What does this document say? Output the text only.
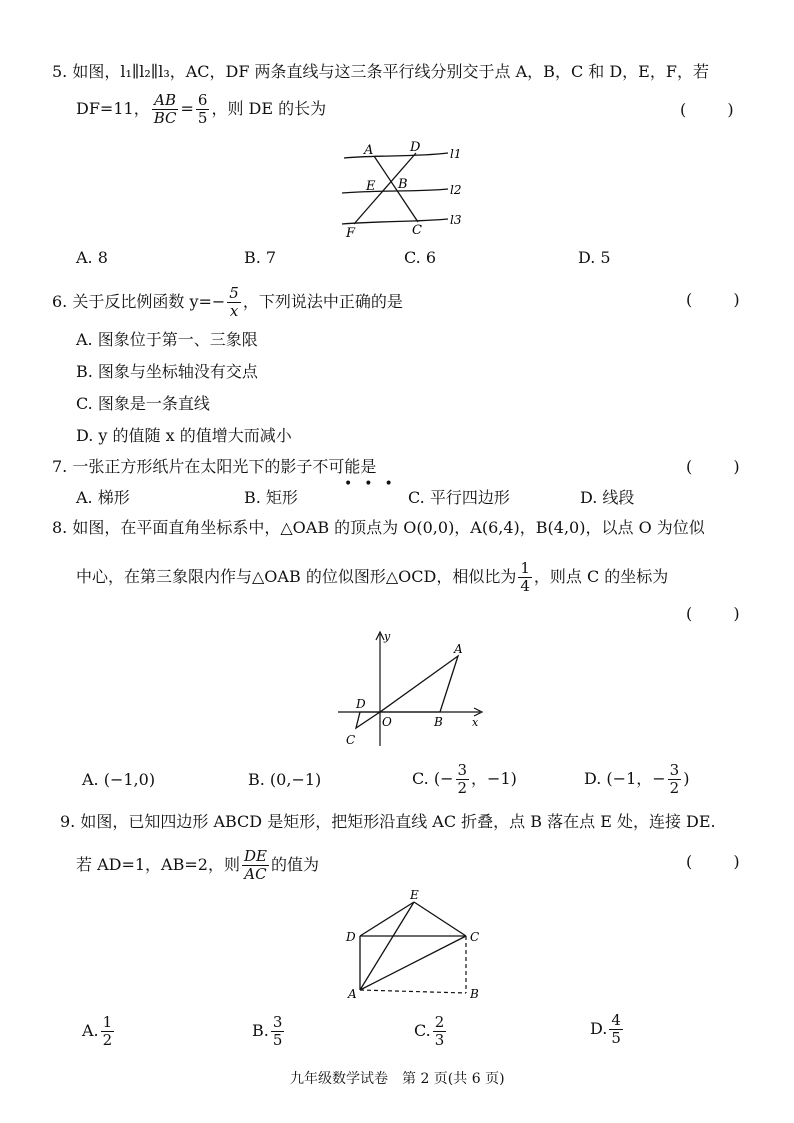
5. 如图，l₁∥l₂∥l₃，AC，DF 两条直线与这三条平行线分别交于点 A，B，C 和 D，E，F，若
DF=11， $\frac{AB}{BC} = \frac{6}{5}$ ，则 DE 的长为	( )
A	D l1
E B	l2
F	C
l3
A. 8	B. 7	C. 6	D. 5
6. 关于反比例函数 $y=- \frac{5}{x}$ ，下列说法中正确的是	( )
A. 图象位于第一、三象限
B. 图象与坐标轴没有交点
C. 图象是一条直线
D. y 的值随 x 的值增大而减小
7. 一张正方形纸片在太阳光下的影子不可能是
•••
( )
A. 梯形	B. 矩形	C. 平行四边形	D. 线段
8. 如图，在平面直角坐标系中，△OAB 的顶点为 O(0,0)，A(6,4)，B(4,0)，以点 O 为位似
中心，在第三象限内作与△OAB 的位似图形△OCD，相似比为 $\frac{1}{4}$ ，则点 C 的坐标为
( )
y
A
D
O	B	x
C
A. (−1,0)	B. (0,−1)	C. (− $\frac{3}{2}$ ，−1)	D. (−1，− $\frac{3}{2}$ )
9. 如图，已知四边形 ABCD 是矩形，把矩形沿直线 AC 折叠，点 B 落在点 E 处，连接 DE.
若 AD=1，AB=2，则 $\frac{DE}{AC}$ 的值为	( )
E
D	C
A	B
A. $\frac{1}{2}$	B. $\frac{3}{5}$	C. $\frac{2}{3}$	D. $\frac{4}{5}$
九年级数学试卷　第 2 页(共 6 页)
